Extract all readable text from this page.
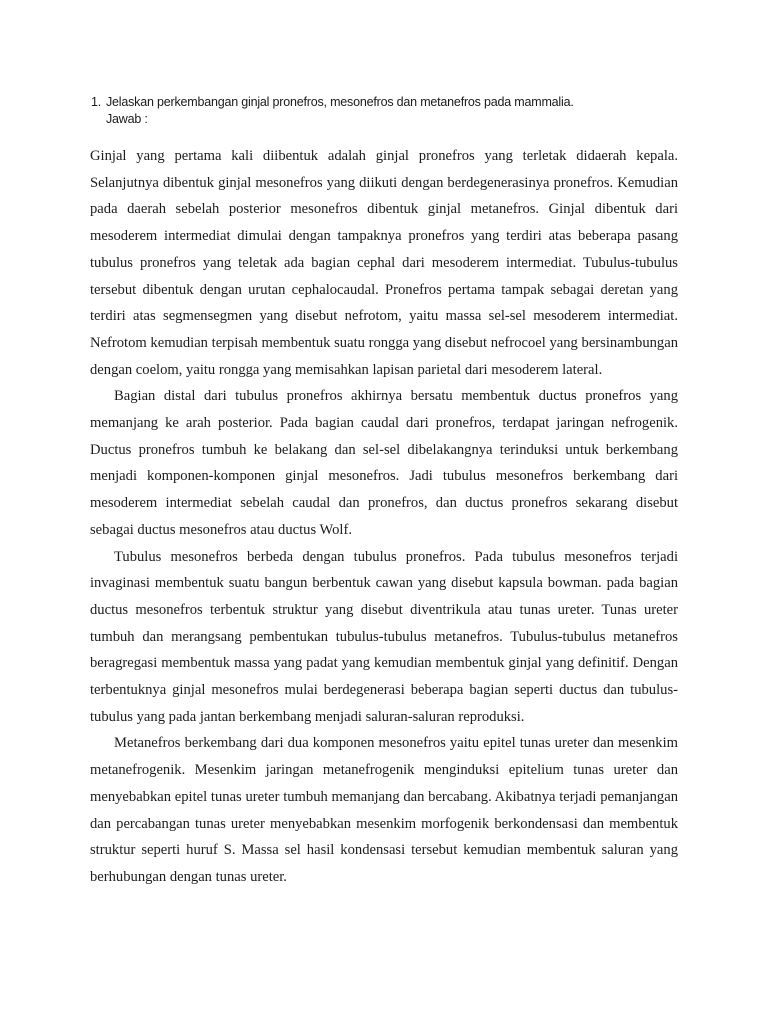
1. Jelaskan perkembangan ginjal pronefros, mesonefros dan metanefros pada mammalia.
Jawab :

Ginjal yang pertama kali diibentuk adalah ginjal pronefros yang terletak didaerah kepala. Selanjutnya dibentuk ginjal mesonefros yang diikuti dengan berdegenerasinya pronefros. Kemudian pada daerah sebelah posterior mesonefros dibentuk ginjal metanefros. Ginjal dibentuk dari mesoderem intermediat dimulai dengan tampaknya pronefros yang terdiri atas beberapa pasang tubulus pronefros yang teletak ada bagian cephal dari mesoderem intermediat. Tubulus-tubulus tersebut dibentuk dengan urutan cephalocaudal. Pronefros pertama tampak sebagai deretan yang terdiri atas segmensegmen yang disebut nefrotom, yaitu massa sel-sel mesoderem intermediat. Nefrotom kemudian terpisah membentuk suatu rongga yang disebut nefrocoel yang bersinambungan dengan coelom, yaitu rongga yang memisahkan lapisan parietal dari mesoderem lateral.

Bagian distal dari tubulus pronefros akhirnya bersatu membentuk ductus pronefros yang memanjang ke arah posterior. Pada bagian caudal dari pronefros, terdapat jaringan nefrogenik. Ductus pronefros tumbuh ke belakang dan sel-sel dibelakangnya terinduksi untuk berkembang menjadi komponen-komponen ginjal mesonefros. Jadi tubulus mesonefros berkembang dari mesoderem intermediat sebelah caudal dan pronefros, dan ductus pronefros sekarang disebut sebagai ductus mesonefros atau ductus Wolf.

Tubulus mesonefros berbeda dengan tubulus pronefros. Pada tubulus mesonefros terjadi invaginasi membentuk suatu bangun berbentuk cawan yang disebut kapsula bowman. pada bagian ductus mesonefros terbentuk struktur yang disebut diventrikula atau tunas ureter. Tunas ureter tumbuh dan merangsang pembentukan tubulus-tubulus metanefros. Tubulus-tubulus metanefros beragregasi membentuk massa yang padat yang kemudian membentuk ginjal yang definitif. Dengan terbentuknya ginjal mesonefros mulai berdegenerasi beberapa bagian seperti ductus dan tubulus-tubulus yang pada jantan berkembang menjadi saluran-saluran reproduksi.

Metanefros berkembang dari dua komponen mesonefros yaitu epitel tunas ureter dan mesenkim metanefrogenik. Mesenkim jaringan metanefrogenik menginduksi epitelium tunas ureter dan menyebabkan epitel tunas ureter tumbuh memanjang dan bercabang. Akibatnya terjadi pemanjangan dan percabangan tunas ureter menyebabkan mesenkim morfogenik berkondensasi dan membentuk struktur seperti huruf S. Massa sel hasil kondensasi tersebut kemudian membentuk saluran yang berhubungan dengan tunas ureter.
